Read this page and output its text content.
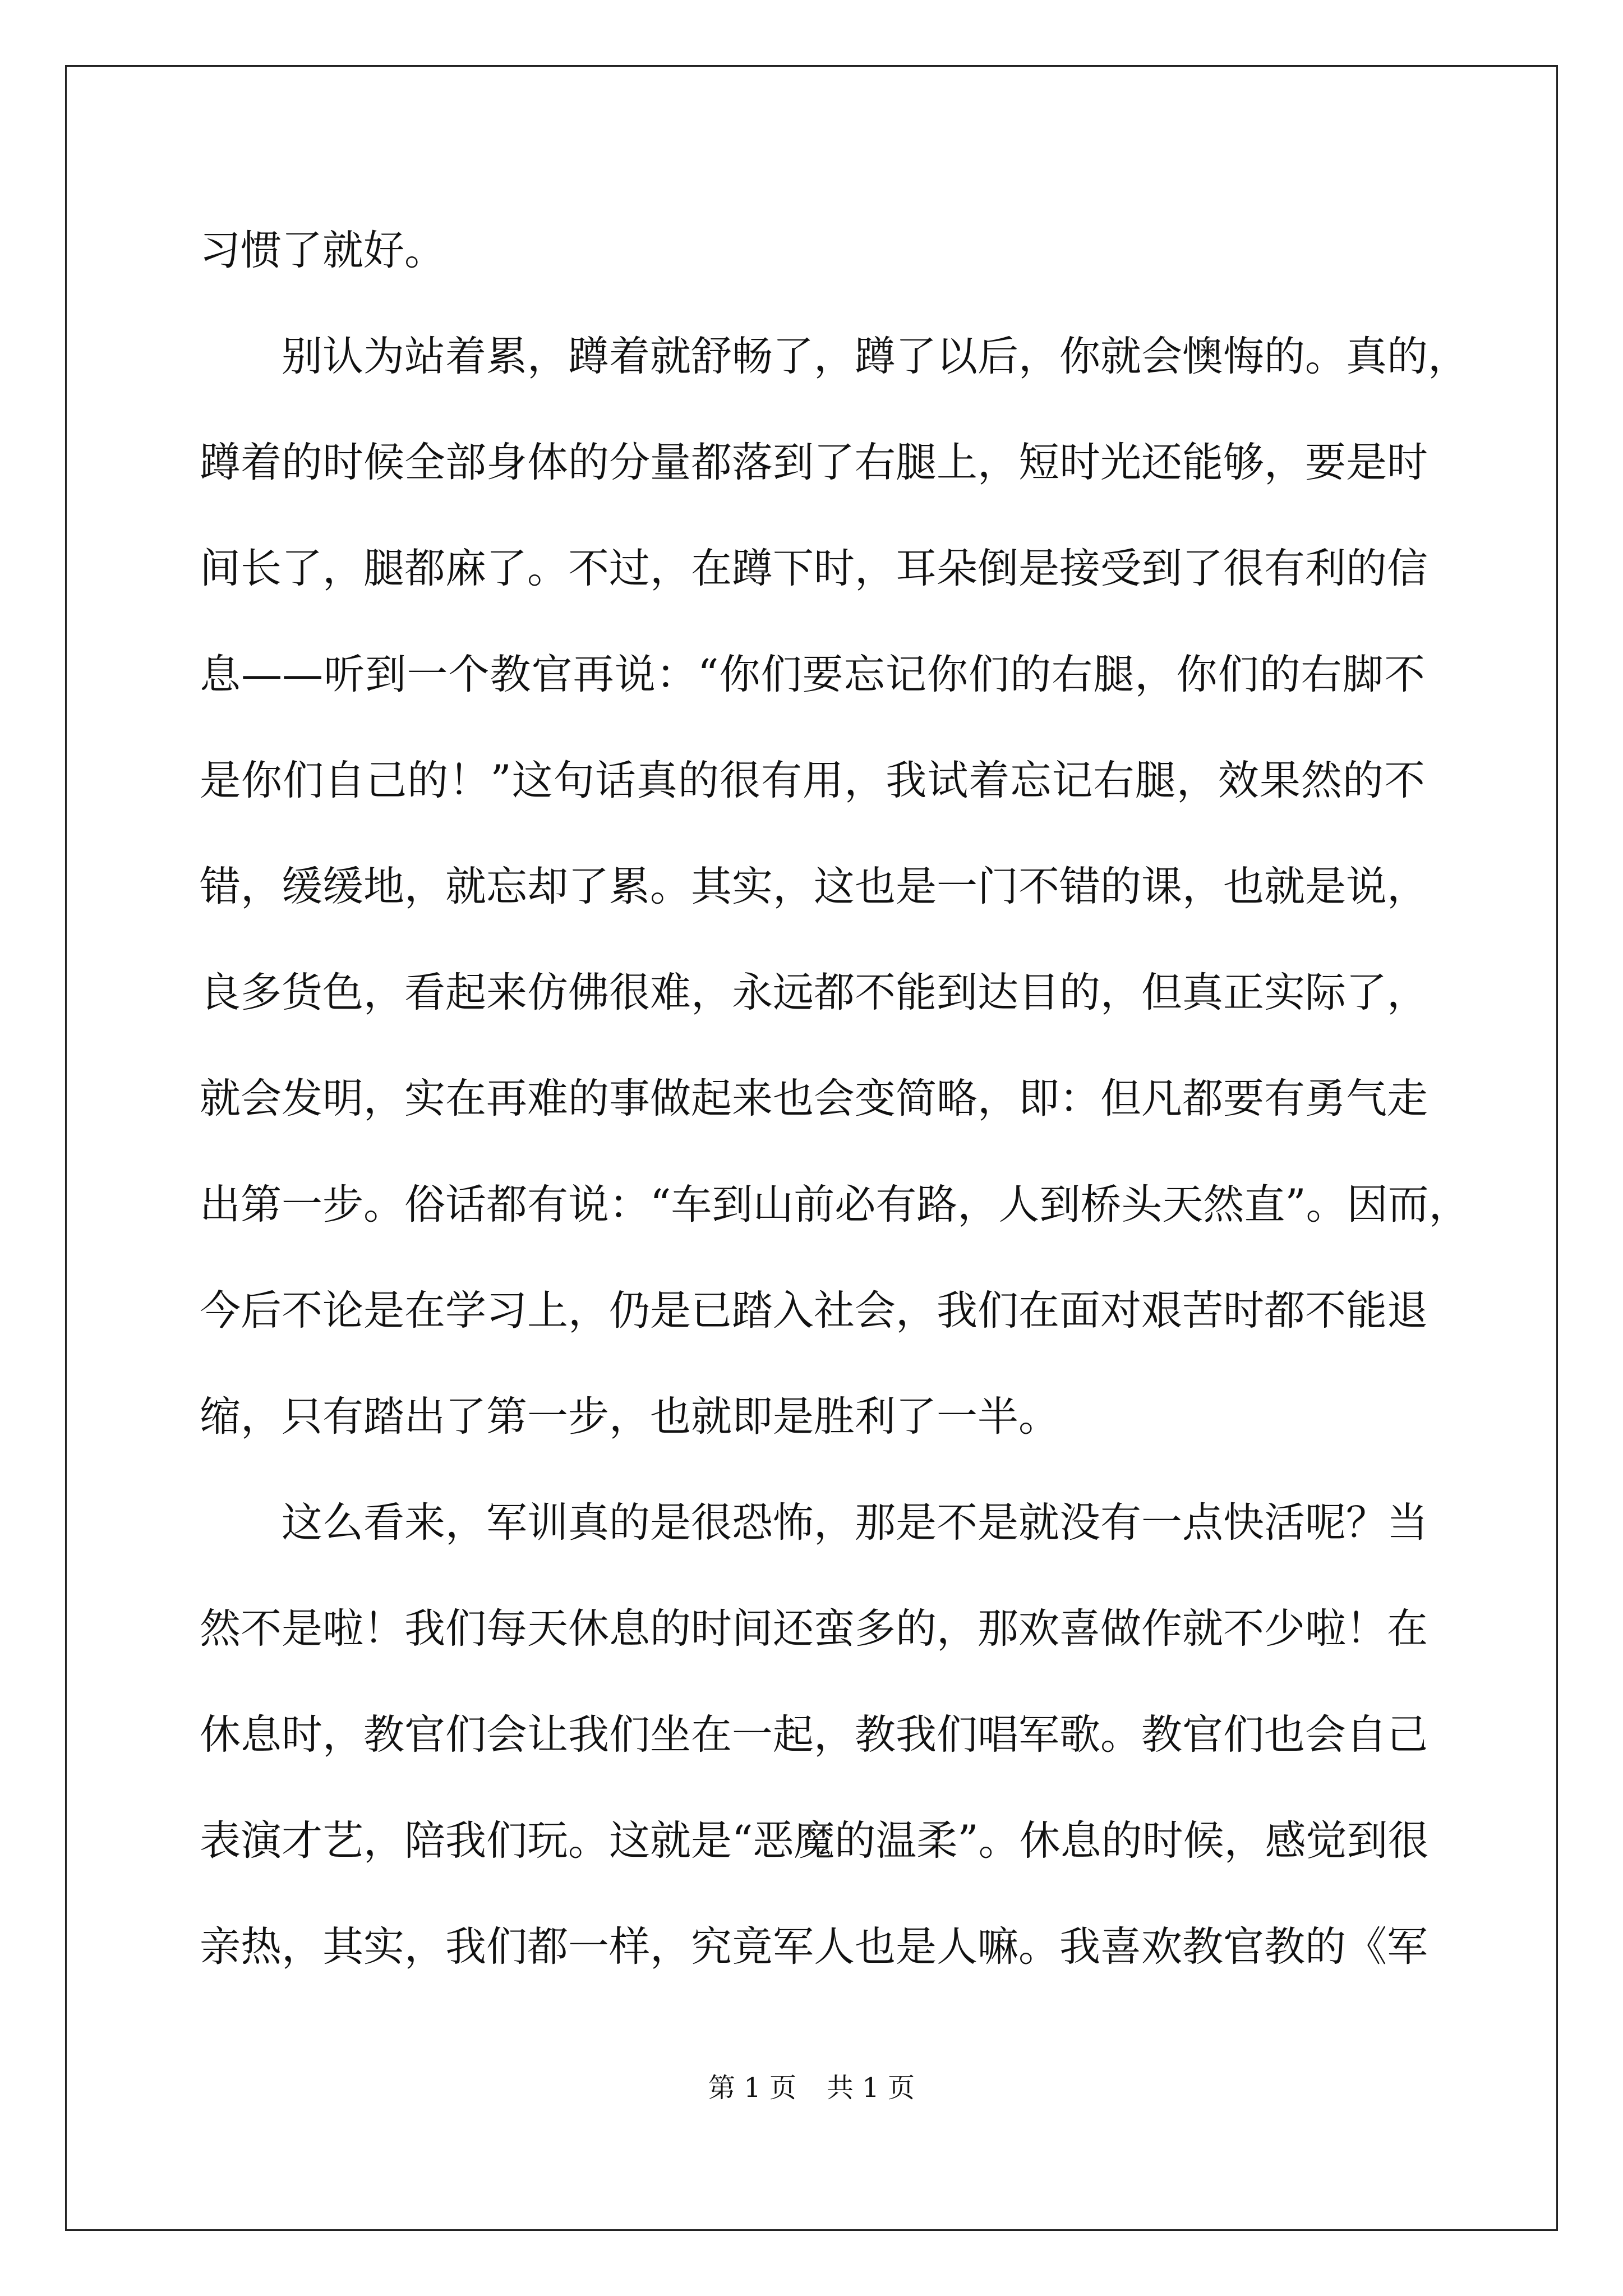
习惯了就好。
别认为站着累，蹲着就舒畅了，蹲了以后，你就会懊悔的。真的，
蹲着的时候全部身体的分量都落到了右腿上，短时光还能够，要是时
间长了，腿都麻了。不过，在蹲下时，耳朵倒是接受到了很有利的信
息——听到一个教官再说：“你们要忘记你们的右腿，你们的右脚不
是你们自己的！”这句话真的很有用，我试着忘记右腿，效果然的不
错，缓缓地，就忘却了累。其实，这也是一门不错的课，也就是说，
良多货色，看起来仿佛很难，永远都不能到达目的，但真正实际了，
就会发明，实在再难的事做起来也会变简略，即：但凡都要有勇气走
出第一步。俗话都有说：“车到山前必有路，人到桥头天然直”。因而，
今后不论是在学习上，仍是已踏入社会，我们在面对艰苦时都不能退
缩，只有踏出了第一步，也就即是胜利了一半。
这么看来，军训真的是很恐怖，那是不是就没有一点快活呢？当
然不是啦！我们每天休息的时间还蛮多的，那欢喜做作就不少啦！在
休息时，教官们会让我们坐在一起，教我们唱军歌。教官们也会自己
表演才艺，陪我们玩。这就是“恶魔的温柔”。休息的时候，感觉到很
亲热，其实，我们都一样，究竟军人也是人嘛。我喜欢教官教的《军
第 1 页 共 1 页
